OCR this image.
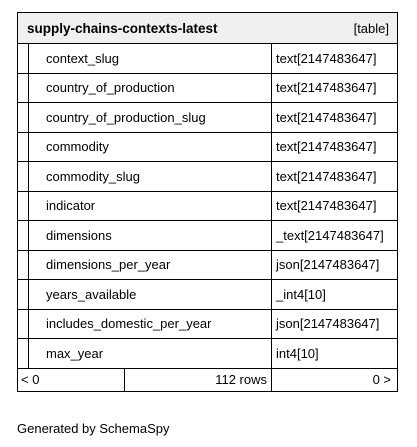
supply-chains-contexts-latest	[table]
context_slug	text[2147483647]
country_of_production	text[2147483647]
country_of_production_slug	text[2147483647]
commodity	text[2147483647]
commodity_slug	text[2147483647]
indicator	text[2147483647]
dimensions	_text[2147483647]
dimensions_per_year	json[2147483647]
years_available	_int4[10]
includes_domestic_per_year	json[2147483647]
max_year	int4[10]
< 0	112 rows	0 >
Generated by SchemaSpy
